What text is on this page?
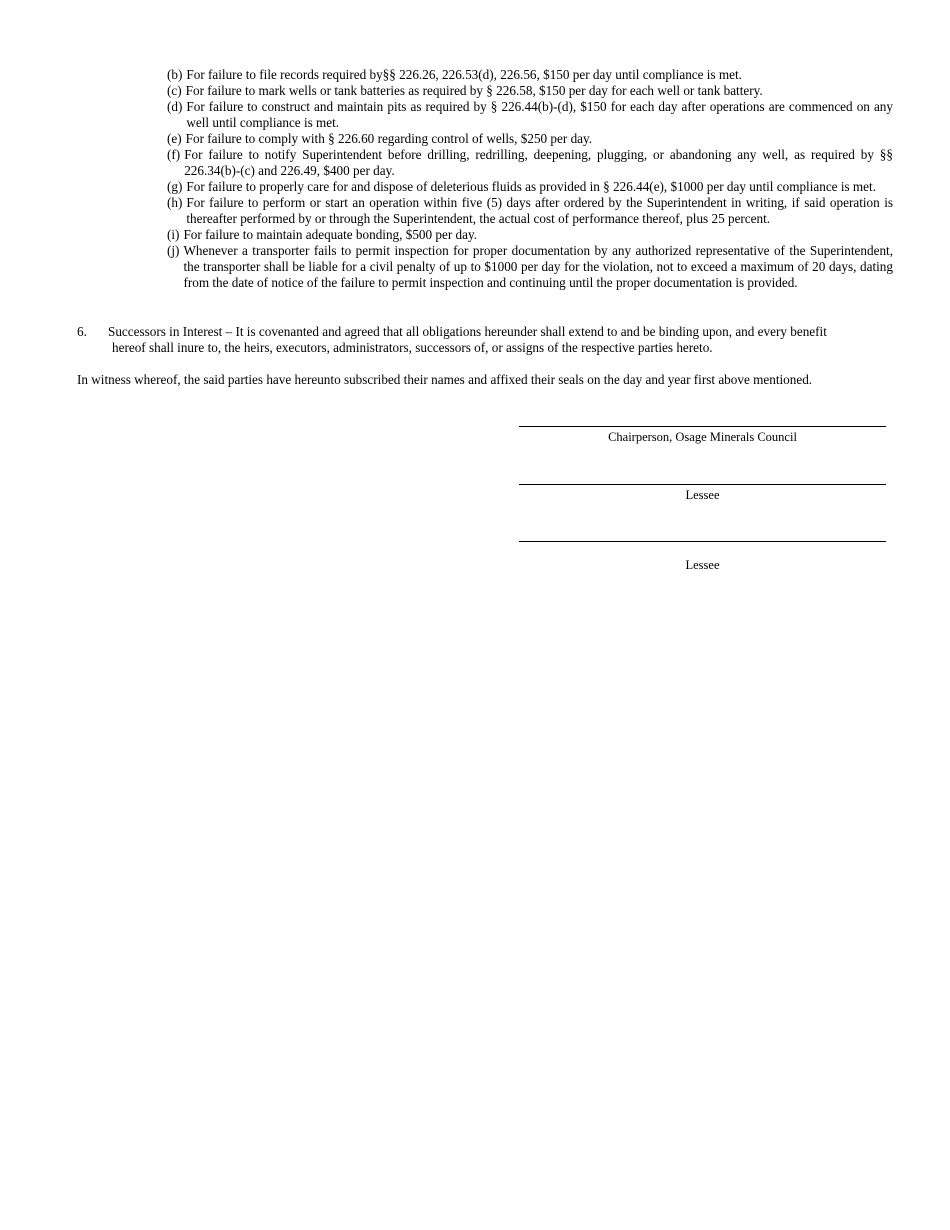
(b) For failure to file records required by§§ 226.26, 226.53(d), 226.56, $150 per day until compliance is met.
(c) For failure to mark wells or tank batteries as required by § 226.58, $150 per day for each well or tank battery.
(d) For failure to construct and maintain pits as required by § 226.44(b)-(d), $150 for each day after operations are commenced on any well until compliance is met.
(e) For failure to comply with § 226.60 regarding control of wells, $250 per day.
(f) For failure to notify Superintendent before drilling, redrilling, deepening, plugging, or abandoning any well, as required by §§ 226.34(b)-(c) and 226.49, $400 per day.
(g) For failure to properly care for and dispose of deleterious fluids as provided in § 226.44(e), $1000 per day until compliance is met.
(h) For failure to perform or start an operation within five (5) days after ordered by the Superintendent in writing, if said operation is thereafter performed by or through the Superintendent, the actual cost of performance thereof, plus 25 percent.
(i) For failure to maintain adequate bonding, $500 per day.
(j) Whenever a transporter fails to permit inspection for proper documentation by any authorized representative of the Superintendent, the transporter shall be liable for a civil penalty of up to $1000 per day for the violation, not to exceed a maximum of 20 days, dating from the date of notice of the failure to permit inspection and continuing until the proper documentation is provided.
6. Successors in Interest – It is covenanted and agreed that all obligations hereunder shall extend to and be binding upon, and every benefit
hereof shall inure to, the heirs, executors, administrators, successors of, or assigns of the respective parties hereto.
In witness whereof, the said parties have hereunto subscribed their names and affixed their seals on the day and year first above mentioned.
Chairperson, Osage Minerals Council
Lessee
Lessee
